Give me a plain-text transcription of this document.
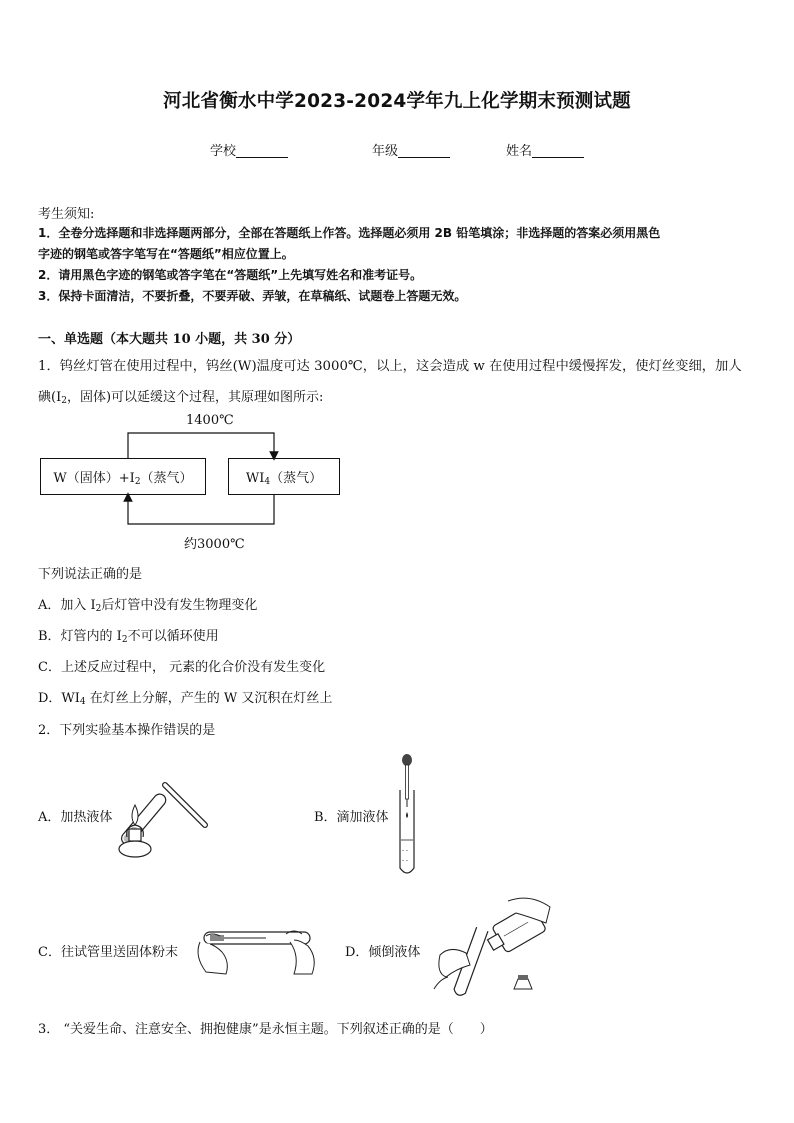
河北省衡水中学2023-2024学年九上化学期末预测试题
学校	年级	姓名
考生须知:
1．全卷分选择题和非选择题两部分，全部在答题纸上作答。选择题必须用 2B 铅笔填涂；非选择题的答案必须用黑色
字迹的钢笔或答字笔写在“答题纸”相应位置上。
2．请用黑色字迹的钢笔或答字笔在“答题纸”上先填写姓名和准考证号。
3．保持卡面清洁，不要折叠，不要弄破、弄皱，在草稿纸、试题卷上答题无效。
一、单选题（本大题共 10 小题，共 30 分）
1．钨丝灯管在使用过程中，钨丝(W)温度可达 3000℃，以上，这会造成 w 在使用过程中缓慢挥发，使灯丝变细，加人
碘($I_2$，固体)可以延缓这个过程，其原理如图所示:
1400℃
W（固体）$+I_2$（蒸气）	$WI_4$（蒸气）
约3000℃
下列说法正确的是
A．加入 $I_2$后灯管中没有发生物理变化
B．灯管内的 $I_2$不可以循环使用
C．上述反应过程中， 元素的化合价没有发生变化
D．$WI_4$ 在灯丝上分解，产生的 W 又沉积在灯丝上
2．下列实验基本操作错误的是
A．加热液体	B．滴加液体
- -
- -
C．往试管里送固体粉末	D．倾倒液体
3． “关爱生命、注意安全、拥抱健康”是永恒主题。下列叙述正确的是（　　）
